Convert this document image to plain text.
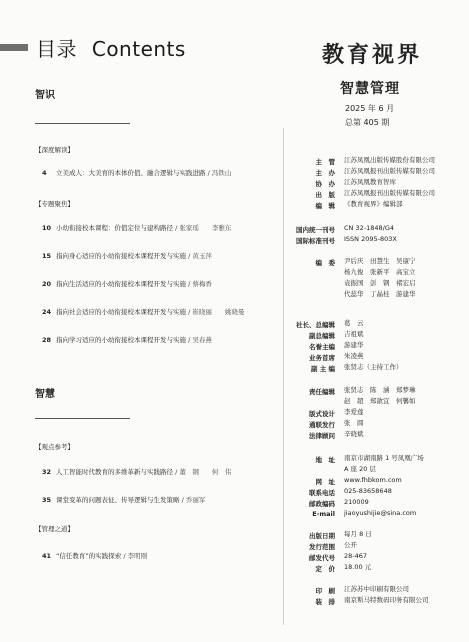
目录 Contents	教育视界
智慧管理
2025 年 6 月
总第 405 期
智识
【深度解读】
4 立美成人：大美育的本体价值、融合逻辑与实践进路 / 冯铁山
【专题聚焦】
10 小幼衔接校本课程：价值定位与建构路径 / 张家瑶　　李雅东
15 指向身心适应的小幼衔接校本课程开发与实施 / 黄玉萍
20 指向生活适应的小幼衔接校本课程开发与实施 / 蔡梅香
24 指向社会适应的小幼衔接校本课程开发与实施 / 崔晓丽　　姚晓曼
28 指向学习适应的小幼衔接校本课程开发与实施 / 吴春燕
智慧
【观点参考】
32 人工智能时代教育的多维革新与实践路径 / 董　钢　　何　伟
35 课堂变革的问题表征、传导逻辑与生发策略 / 乔丽军
【管理之道】
41 “信任教育”的实践探索 / 李明刚
主　管 江苏凤凰出版传媒股份有限公司
主　办 江苏凤凰报刊出版传媒有限公司
协　办 江苏凤凰教育智库
出　版 江苏凤凰报刊出版传媒有限公司
编　辑 《教育视界》编辑部
国内统一刊号 CN 32-1848/G4
国际标准刊号 ISSN 2095-803X
编　委 尹后庆　田慧生　吴康宁
杨九俊　张新平　高宝立
袁振国　彭　钢　褚宏启
代蕊华　丁晶桂　游建华
社长、总编辑 葛　云
副总编辑 吉祖斌
名誉主编 游建华
业务首席 朱凌燕
副 主 编 张贤志（主持工作）
责任编辑 张贤志　陈　涵　郑梦琳
赵　超　郑歆宜　何馨如
版式设计 李爱莲
通联发行 张　圆
法律顾问 辛晓斌
地　址 南京市湖南路 1 号凤凰广场
A 座 20 层
网　址 www.fhbkom.com
联系电话 025-83658648
邮政编码 210009
E-mail jiaoyushijie@sina.com
出版日期 每月 8 日
发行范围 公开
邮发代号 28-467
定　价 18.00 元
印　刷 江苏苏中印刷有限公司
装　排 南京斯马特数码印务有限公司
